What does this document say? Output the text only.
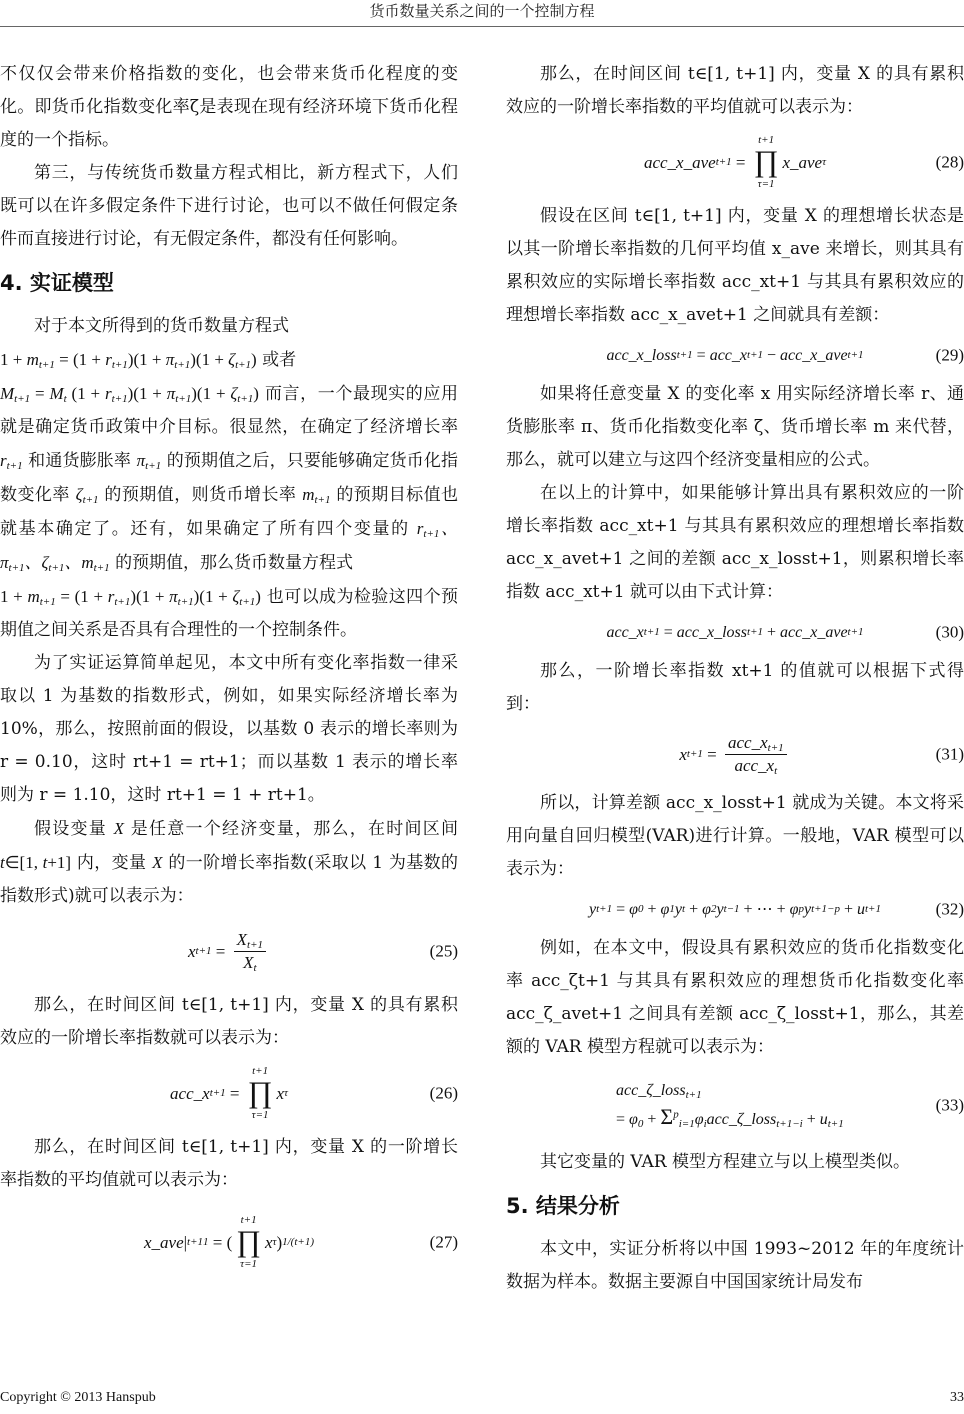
货币数量关系之间的一个控制方程

不仅仅会带来价格指数的变化，也会带来货币化程度的变化。即货币化指数变化率ζ是表现在现有经济环境下货币化程度的一个指标。

第三，与传统货币数量方程式相比，新方程式下，人们既可以在许多假定条件下进行讨论，也可以不做任何假定条件而直接进行讨论，有无假定条件，都没有任何影响。

4. 实证模型

对于本文所得到的货币数量方程式
$1 + m_{t+1} = (1 + r_{t+1})(1 + \pi_{t+1})(1 + \zeta_{t+1})$ 或者
$M_{t+1} = M_t$ $(1 + r_{t+1})(1 + \pi_{t+1})(1 + \zeta_{t+1})$ 而言，一个最现实的应用就是确定货币政策中介目标。很显然，在确定了经济增长率 $r_{t+1}$ 和通货膨胀率 $\pi_{t+1}$ 的预期值之后，只要能够确定货币化指数变化率 $\zeta_{t+1}$ 的预期值，则货币增长率 $m_{t+1}$ 的预期目标值也就基本确定了。还有，如果确定了所有四个变量的 $r_{t+1}$、$\pi_{t+1}$、$\zeta_{t+1}$、$m_{t+1}$ 的预期值，那么货币数量方程式
$1 + m_{t+1} = (1 + r_{t+1})(1 + \pi_{t+1})(1 + \zeta_{t+1})$ 也可以成为检验这四个预期值之间关系是否具有合理性的一个控制条件。

为了实证运算简单起见，本文中所有变化率指数一律采取以 1 为基数的指数形式，例如，如果实际经济增长率为 10%，那么，按照前面的假设，以基数 0 表示的增长率则为 r = 0.10，这时 rt+1 = rt+1；而以基数 1 表示的增长率则为 r = 1.10，这时 rt+1 = 1 + rt+1。

假设变量 X 是任意一个经济变量，那么，在时间区间 t∈[1, t+1] 内，变量 X 的一阶增长率指数(采取以 1 为基数的指数形式)就可以表示为：

x $t+1 = \frac{X_{t+1}}{X_t}$	(25)

那么，在时间区间 t∈[1, t+1] 内，变量 X 的具有累积效应的一阶增长率指数就可以表示为：

acc _ x t+1 =
t+1
∏
τ=1
x τ	(26)

那么，在时间区间 t∈[1, t+1] 内，变量 X 的一阶增长率指数的平均值就可以表示为：

x _ ave | t+1 1 = (
t+1
∏
τ=1
x τ ) 1/(t+1)	(27)

那么，在时间区间 t∈[1, t+1] 内，变量 X 的具有累积效应的一阶增长率指数的平均值就可以表示为：

acc _ x _ ave t+1 =
t+1
∏
τ=1
x _ ave τ	(28)

假设在区间 t∈[1, t+1] 内，变量 X 的理想增长状态是以其一阶增长率指数的几何平均值 x_ave 来增长，则其具有累积效应的实际增长率指数 acc_xt+1 与其具有累积效应的理想增长率指数 acc_x_avet+1 之间就具有差额：

acc _ x _ loss t+1 = acc _ x t+1 − acc _ x _ ave t+1	(29)

如果将任意变量 X 的变化率 x 用实际经济增长率 r、通货膨胀率 π、货币化指数变化率 ζ、货币增长率 m 来代替，那么，就可以建立与这四个经济变量相应的公式。

在以上的计算中，如果能够计算出具有累积效应的一阶增长率指数 acc_xt+1 与其具有累积效应的理想增长率指数 acc_x_avet+1 之间的差额 acc_x_losst+1，则累积增长率指数 acc_xt+1 就可以由下式计算：

acc _ x t+1 = acc _ x _ loss t+1 + acc _ x _ ave t+1	(30)

那么，一阶增长率指数 xt+1 的值就可以根据下式得到：

x $t+1 = \frac{acc\_x_{t+1}}{acc\_x_t}$	(31)

所以，计算差额 acc_x_losst+1 就成为关键。本文将采用向量自回归模型(VAR)进行计算。一般地，VAR 模型可以表示为：

y t+1 = φ 0 + φ 1 y t + φ 2 y t−1 + ⋯ + φ p y t+1−p + u t+1	(32)

例如，在本文中，假设具有累积效应的货币化指数变化率 acc_ζt+1 与其具有累积效应的理想货币化指数变化率 acc_ζ_avet+1 之间具有差额 acc_ζ_losst+1，那么，其差额的 VAR 模型方程就可以表示为：

acc_ζ_loss$_{t+1}$
= $\varphi_0$ + $\Sigma^p_{i=1}\varphi_iacc\_\zeta\_loss_{t+1-i} + u_{t+1}$
(33)

其它变量的 VAR 模型方程建立与以上模型类似。

5. 结果分析

本文中，实证分析将以中国 1993~2012 年的年度统计数据为样本。数据主要源自中国国家统计局发布

Copyright © 2013 Hanspub	33
